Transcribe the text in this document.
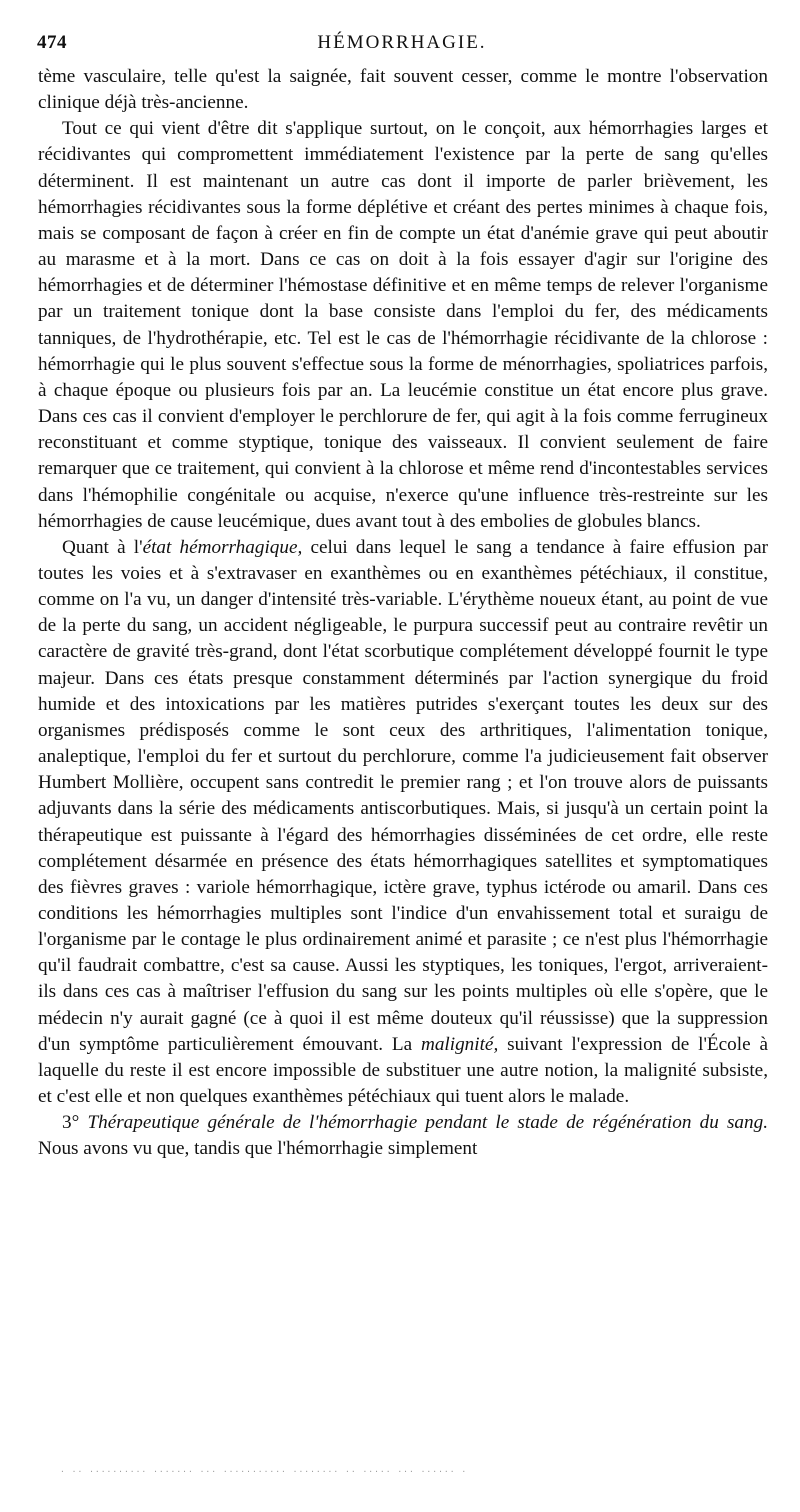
474	HÉMORRHAGIE.

tème vasculaire, telle qu'est la saignée, fait souvent cesser, comme le montre l'observation clinique déjà très-ancienne.

Tout ce qui vient d'être dit s'applique surtout, on le conçoit, aux hémorrhagies larges et récidivantes qui compromettent immédiatement l'existence par la perte de sang qu'elles déterminent. Il est maintenant un autre cas dont il importe de parler brièvement, les hémorrhagies récidivantes sous la forme déplétive et créant des pertes minimes à chaque fois, mais se composant de façon à créer en fin de compte un état d'anémie grave qui peut aboutir au marasme et à la mort. Dans ce cas on doit à la fois essayer d'agir sur l'origine des hémorrhagies et de déterminer l'hémostase définitive et en même temps de relever l'organisme par un traitement tonique dont la base consiste dans l'emploi du fer, des médicaments tanniques, de l'hydrothérapie, etc. Tel est le cas de l'hémorrhagie récidivante de la chlorose : hémorrhagie qui le plus souvent s'effectue sous la forme de ménorrhagies, spoliatrices parfois, à chaque époque ou plusieurs fois par an. La leucémie constitue un état encore plus grave. Dans ces cas il convient d'employer le perchlorure de fer, qui agit à la fois comme ferrugineux reconstituant et comme styptique, tonique des vaisseaux. Il convient seulement de faire remarquer que ce traitement, qui convient à la chlorose et même rend d'incontestables services dans l'hémophilie congénitale ou acquise, n'exerce qu'une influence très-restreinte sur les hémorrhagies de cause leucémique, dues avant tout à des embolies de globules blancs.

Quant à l'état hémorrhagique, celui dans lequel le sang a tendance à faire effusion par toutes les voies et à s'extravaser en exanthèmes ou en exanthèmes pétéchiaux, il constitue, comme on l'a vu, un danger d'intensité très-variable. L'érythème noueux étant, au point de vue de la perte du sang, un accident négligeable, le purpura successif peut au contraire revêtir un caractère de gravité très-grand, dont l'état scorbutique complétement développé fournit le type majeur. Dans ces états presque constamment déterminés par l'action synergique du froid humide et des intoxications par les matières putrides s'exerçant toutes les deux sur des organismes prédisposés comme le sont ceux des arthritiques, l'alimentation tonique, analeptique, l'emploi du fer et surtout du perchlorure, comme l'a judicieusement fait observer Humbert Mollière, occupent sans contredit le premier rang ; et l'on trouve alors de puissants adjuvants dans la série des médicaments antiscorbutiques. Mais, si jusqu'à un certain point la thérapeutique est puissante à l'égard des hémorrhagies disséminées de cet ordre, elle reste complétement désarmée en présence des états hémorrhagiques satellites et symptomatiques des fièvres graves : variole hémorrhagique, ictère grave, typhus ictérode ou amaril. Dans ces conditions les hémorrhagies multiples sont l'indice d'un envahissement total et suraigu de l'organisme par le contage le plus ordinairement animé et parasite ; ce n'est plus l'hémorrhagie qu'il faudrait combattre, c'est sa cause. Aussi les styptiques, les toniques, l'ergot, arriveraient-ils dans ces cas à maîtriser l'effusion du sang sur les points multiples où elle s'opère, que le médecin n'y aurait gagné (ce à quoi il est même douteux qu'il réussisse) que la suppression d'un symptôme particulièrement émouvant. La malignité, suivant l'expression de l'École à laquelle du reste il est encore impossible de substituer une autre notion, la malignité subsiste, et c'est elle et non quelques exanthèmes pétéchiaux qui tuent alors le malade.

3° Thérapeutique générale de l'hémorrhagie pendant le stade de régénération du sang. Nous avons vu que, tandis que l'hémorrhagie simplement

· ·· ·········· ······· ··· ··········· ········ ·· ····· ··· ······ ·
